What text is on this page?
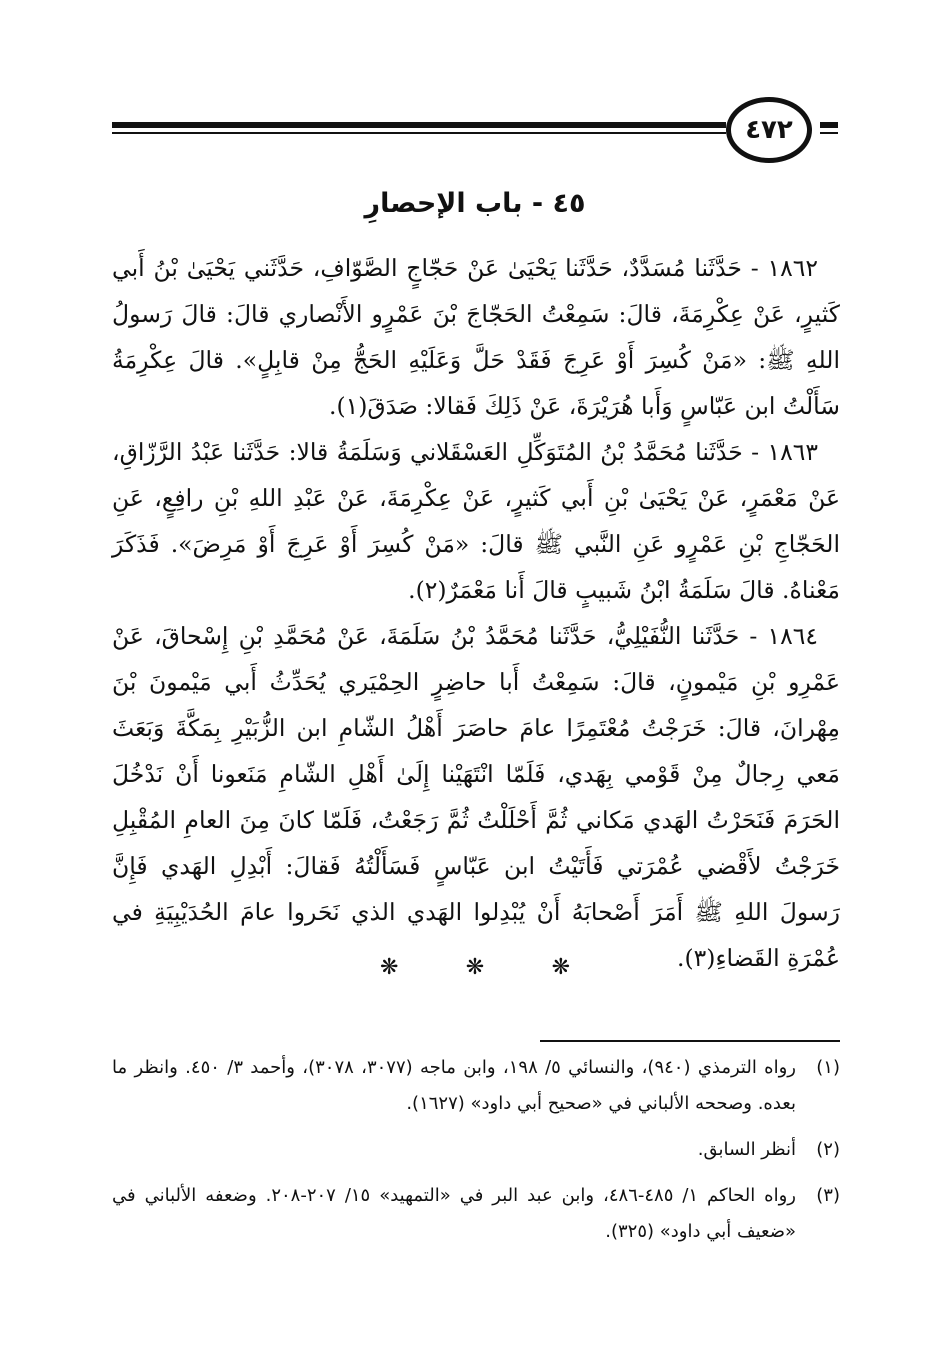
٤٧٢
٤٥ - باب الإحصارِ

١٨٦٢ - حَدَّثَنا مُسَدَّدٌ، حَدَّثَنا يَحْيَىٰ عَنْ حَجّاجٍ الصَّوّافِ، حَدَّثَني يَحْيَىٰ بْنُ أَبي كَثيرٍ، عَنْ عِكْرِمَةَ، قالَ: سَمِعْتُ الحَجّاجَ بْنَ عَمْرٍو الأَنْصاري قالَ: قالَ رَسولُ اللهِ ﷺ: «مَنْ كُسِرَ أَوْ عَرِجَ فَقَدْ حَلَّ وَعَلَيْهِ الحَجُّ مِنْ قابِلٍ». قالَ عِكْرِمَةُ سَأَلْتُ ابن عَبّاسٍ وَأَبا هُرَيْرَةَ، عَنْ ذَلِكَ فَقالا: صَدَقَ(١).

١٨٦٣ - حَدَّثَنا مُحَمَّدُ بْنُ المُتَوَكِّلِ العَسْقَلاني وَسَلَمَةُ قالا: حَدَّثَنا عَبْدُ الرَّزّاقِ، عَنْ مَعْمَرٍ، عَنْ يَحْيَىٰ بْنِ أَبي كَثيرٍ، عَنْ عِكْرِمَةَ، عَنْ عَبْدِ اللهِ بْنِ رافِعٍ، عَنِ الحَجّاجِ بْنِ عَمْرٍو عَنِ النَّبي ﷺ قالَ: «مَنْ كُسِرَ أَوْ عَرِجَ أَوْ مَرِضَ». فَذَكَرَ مَعْناهُ. قالَ سَلَمَةُ ابْنُ شَبيبٍ قالَ أَنا مَعْمَرٌ(٢).

١٨٦٤ - حَدَّثَنا النُّفَيْلِيُّ، حَدَّثَنا مُحَمَّدُ بْنُ سَلَمَةَ، عَنْ مُحَمَّدِ بْنِ إِسْحاقَ، عَنْ عَمْرِو بْنِ مَيْمونٍ، قالَ: سَمِعْتُ أَبا حاضِرٍ الحِمْيَري يُحَدِّثُ أَبي مَيْمونَ بْنَ مِهْرانَ، قالَ: خَرَجْتُ مُعْتَمِرًا عامَ حاصَرَ أَهْلُ الشّامِ ابن الزُّبَيْرِ بِمَكَّةَ وَبَعَثَ مَعي رِجالٌ مِنْ قَوْمي بِهَدي، فَلَمّا انْتَهَيْنا إِلَىٰ أَهْلِ الشّامِ مَنَعونا أَنْ نَدْخُلَ الحَرَمَ فَنَحَرْتُ الهَدي مَكاني ثُمَّ أَحْلَلْتُ ثُمَّ رَجَعْتُ، فَلَمّا كانَ مِنَ العامِ المُقْبِلِ خَرَجْتُ لأَقْضي عُمْرَتي فَأَتَيْتُ ابن عَبّاسٍ فَسَأَلْتُهُ فَقالَ: أَبْدِلِ الهَدي فَإِنَّ رَسولَ اللهِ ﷺ أَمَرَ أَصْحابَهُ أَنْ يُبْدِلوا الهَدي الذي نَحَروا عامَ الحُدَيْبِيَةِ في عُمْرَةِ القَضاءِ(٣).

❋	❋	❋
(١)
رواه الترمذي (٩٤٠)، والنسائي ٥/ ١٩٨، وابن ماجه (٣٠٧٧، ٣٠٧٨)، وأحمد ٣/ ٤٥٠. وانظر ما بعده. وصححه الألباني في «صحيح أبي داود» (١٦٢٧).
(٢)
أنظر السابق.
(٣)
رواه الحاكم ١/ ٤٨٥-٤٨٦، وابن عبد البر في «التمهيد» ١٥/ ٢٠٧-٢٠٨. وضعفه الألباني في «ضعيف أبي داود» (٣٢٥).
